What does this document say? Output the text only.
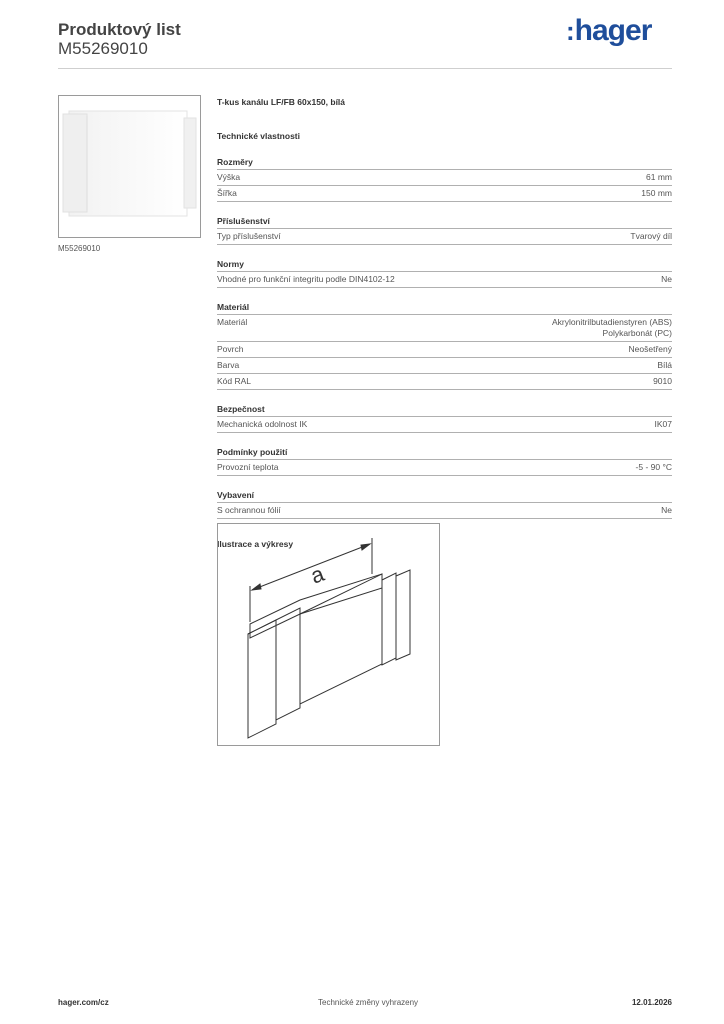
Produktový list
M55269010
:hager
M55269010
T-kus kanálu LF/FB 60x150, bílá
Technické vlastnosti
Rozměry
Výška	61 mm
Šířka	150 mm
Příslušenství
Typ příslušenství	Tvarový díl
Normy
Vhodné pro funkční integritu podle DIN4102-12	Ne
Materiál
Materiál	Akrylonitrilbutadienstyren (ABS)
Polykarbonát (PC)
Povrch	Neošetřený
Barva	Bílá
Kód RAL	9010
Bezpečnost
Mechanická odolnost IK	IK07
Podmínky použití
Provozní teplota	-5 - 90 °C
Vybavení
S ochrannou fólií	Ne
Ilustrace a výkresy
a
hager.com/cz	Technické změny vyhrazeny	12.01.2026
